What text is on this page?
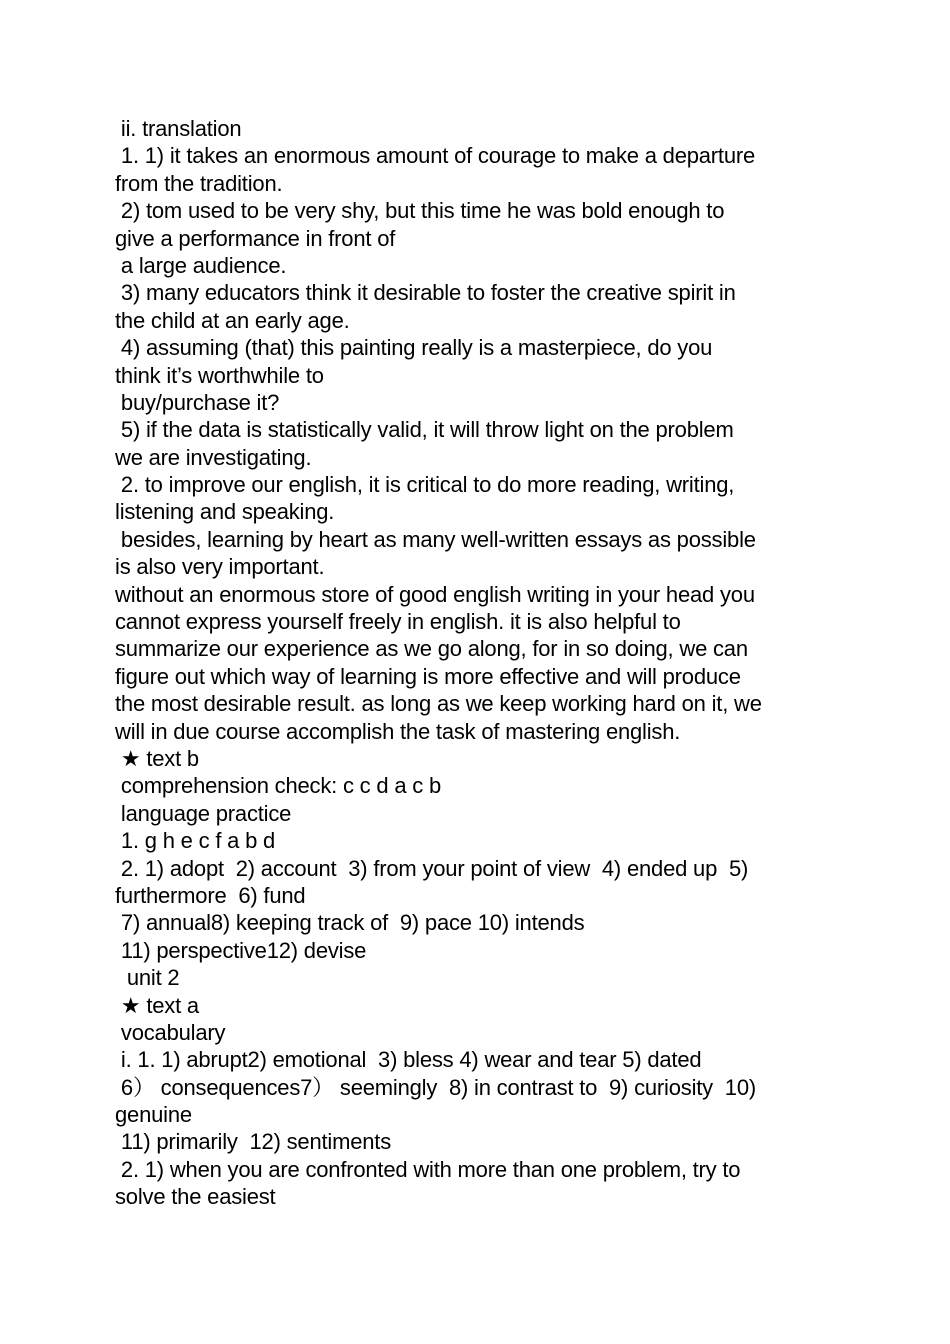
ii. translation
1. 1) it takes an enormous amount of courage to make a departure
from the tradition.
2) tom used to be very shy, but this time he was bold enough to
give a performance in front of
a large audience.
3) many educators think it desirable to foster the creative spirit in
the child at an early age.
4) assuming (that) this painting really is a masterpiece, do you
think it’s worthwhile to
buy/purchase it?
5) if the data is statistically valid, it will throw light on the problem
we are investigating.
2. to improve our english, it is critical to do more reading, writing,
listening and speaking.
besides, learning by heart as many well-written essays as possible
is also very important.
without an enormous store of good english writing in your head you
cannot express yourself freely in english. it is also helpful to
summarize our experience as we go along, for in so doing, we can
figure out which way of learning is more effective and will produce
the most desirable result. as long as we keep working hard on it, we
will in due course accomplish the task of mastering english.
★ text b
comprehension check: c c d a c b
language practice
1. g h e c f a b d
2. 1) adopt  2) account  3) from your point of view  4) ended up  5)
furthermore  6) fund
7) annual8) keeping track of  9) pace 10) intends
11) perspective12) devise
unit 2
★ text a
vocabulary
i. 1. 1) abrupt2) emotional  3) bless 4) wear and tear 5) dated
6） consequences7） seemingly  8) in contrast to  9) curiosity  10)
genuine
11) primarily  12) sentiments
2. 1) when you are confronted with more than one problem, try to
solve the easiest
